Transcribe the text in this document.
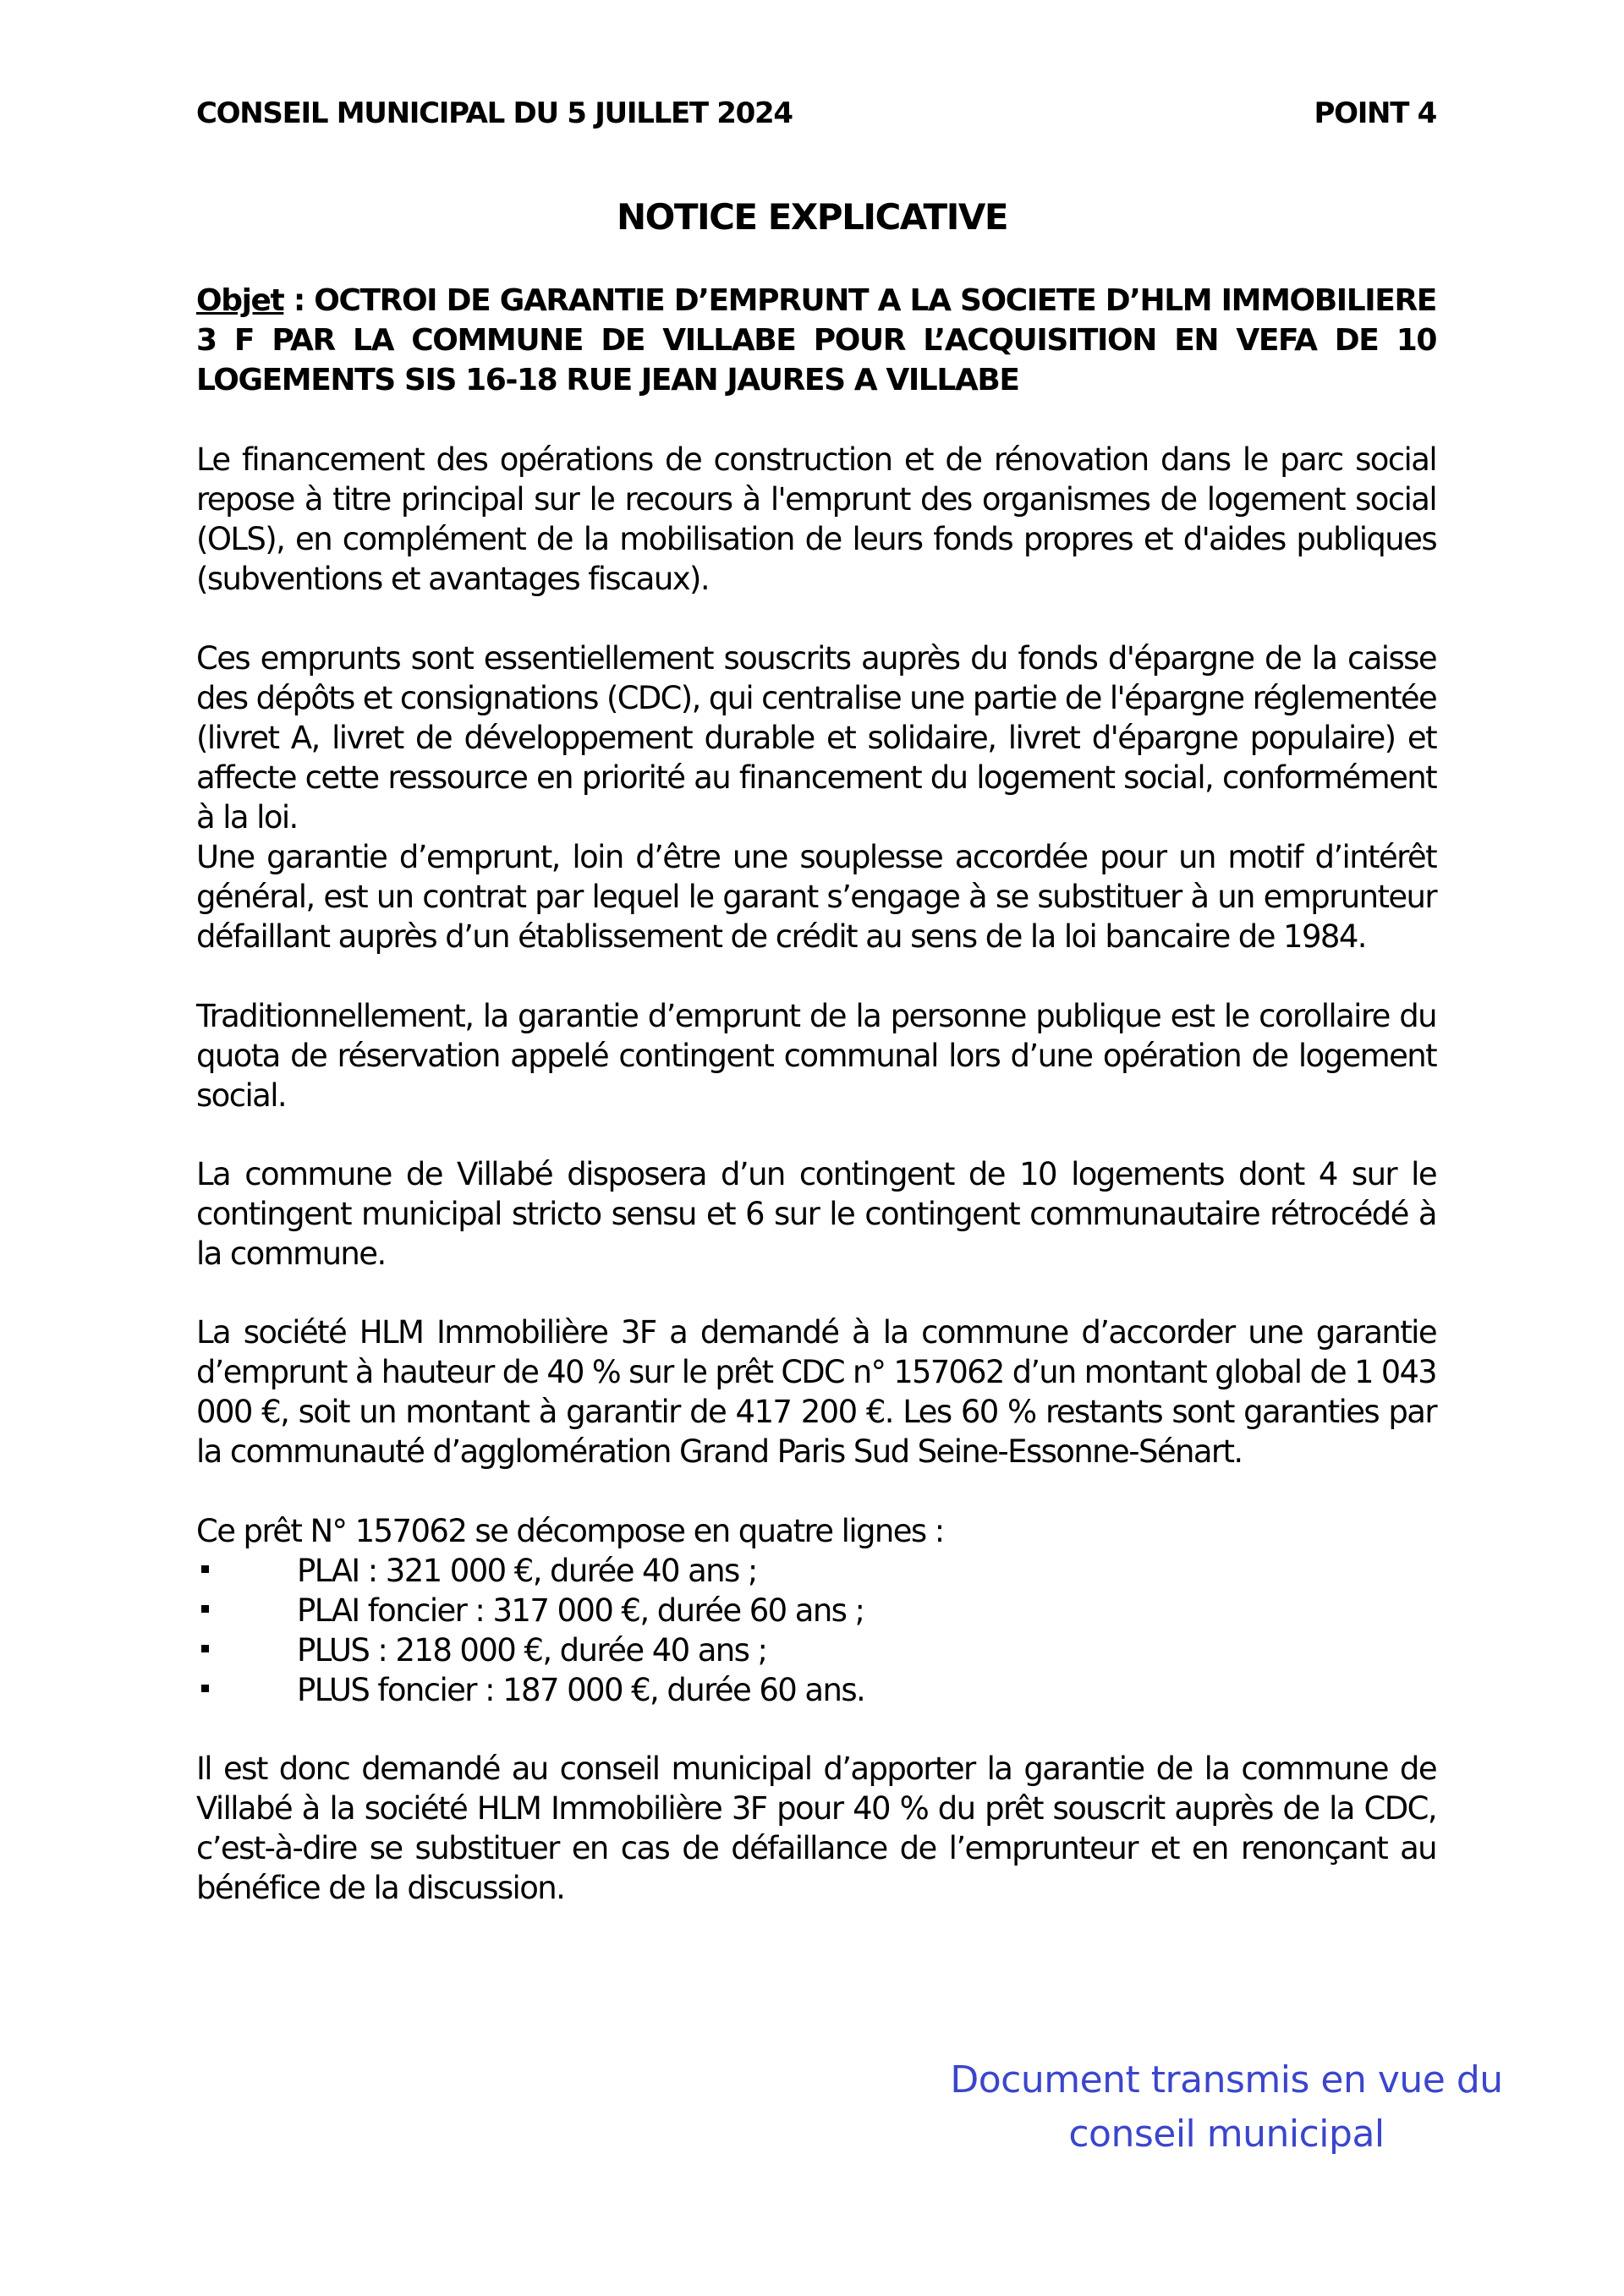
CONSEIL MUNICIPAL DU 5 JUILLET 2024	POINT 4
NOTICE EXPLICATIVE
Objet : OCTROI DE GARANTIE D’EMPRUNT A LA SOCIETE D’HLM IMMOBILIERE 3 F PAR LA COMMUNE DE VILLABE POUR L’ACQUISITION EN VEFA DE 10 LOGEMENTS SIS 16-18 RUE JEAN JAURES A VILLABE
Le financement des opérations de construction et de rénovation dans le parc social
repose à titre principal sur le recours à l'emprunt des organismes de logement social
(OLS), en complément de la mobilisation de leurs fonds propres et d'aides publiques
(subventions et avantages fiscaux).
Ces emprunts sont essentiellement souscrits auprès du fonds d'épargne de la caisse
des dépôts et consignations (CDC), qui centralise une partie de l'épargne réglementée
(livret A, livret de développement durable et solidaire, livret d'épargne populaire) et
affecte cette ressource en priorité au financement du logement social, conformément
à la loi.
Une garantie d’emprunt, loin d’être une souplesse accordée pour un motif d’intérêt
général, est un contrat par lequel le garant s’engage à se substituer à un emprunteur
défaillant auprès d’un établissement de crédit au sens de la loi bancaire de 1984.
Traditionnellement, la garantie d’emprunt de la personne publique est le corollaire du
quota de réservation appelé contingent communal lors d’une opération de logement
social.
La commune de Villabé disposera d’un contingent de 10 logements dont 4 sur le
contingent municipal stricto sensu et 6 sur le contingent communautaire rétrocédé à
la commune.
La société HLM Immobilière 3F a demandé à la commune d’accorder une garantie
d’emprunt à hauteur de 40 % sur le prêt CDC n° 157062 d’un montant global de 1 043
000 €, soit un montant à garantir de 417 200 €. Les 60 % restants sont garanties par
la communauté d’agglomération Grand Paris Sud Seine-Essonne-Sénart.
Ce prêt N° 157062 se décompose en quatre lignes :
PLAI : 321 000 €, durée 40 ans ;
PLAI foncier : 317 000 €, durée 60 ans ;
PLUS : 218 000 €, durée 40 ans ;
PLUS foncier : 187 000 €, durée 60 ans.
Il est donc demandé au conseil municipal d’apporter la garantie de la commune de
Villabé à la société HLM Immobilière 3F pour 40 % du prêt souscrit auprès de la CDC,
c’est-à-dire se substituer en cas de défaillance de l’emprunteur et en renonçant au
bénéfice de la discussion.
Document transmis en vue du
conseil municipal
